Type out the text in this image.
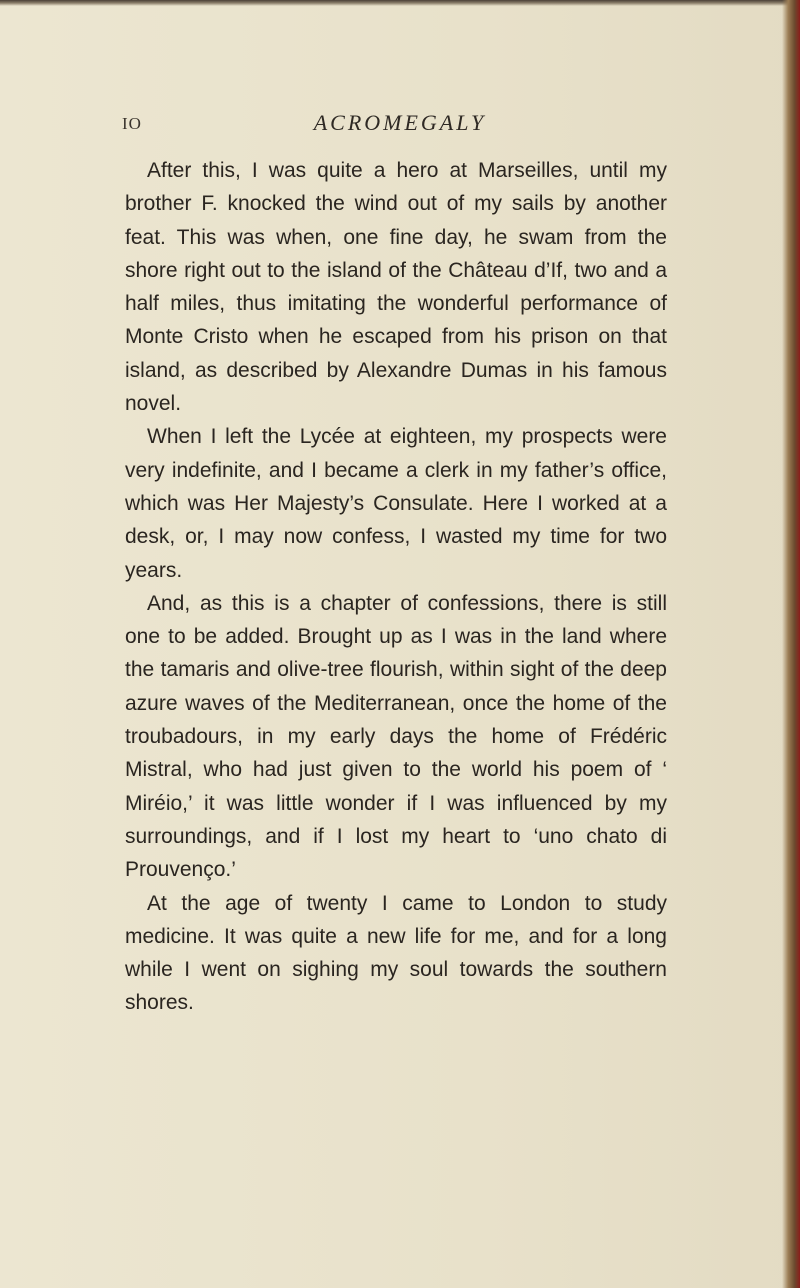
IO	ACROMEGALY

After this, I was quite a hero at Marseilles, until my brother F. knocked the wind out of my sails by another feat. This was when, one fine day, he swam from the shore right out to the island of the Château d’If, two and a half miles, thus imitating the wonderful performance of Monte Cristo when he escaped from his prison on that island, as described by Alexandre Dumas in his famous novel.

When I left the Lycée at eighteen, my prospects were very indefinite, and I became a clerk in my father’s office, which was Her Majesty’s Consulate. Here I worked at a desk, or, I may now confess, I wasted my time for two years.

And, as this is a chapter of confessions, there is still one to be added. Brought up as I was in the land where the tamaris and olive-tree flourish, within sight of the deep azure waves of the Mediterranean, once the home of the troubadours, in my early days the home of Frédéric Mistral, who had just given to the world his poem of ‘ Miréio,’ it was little wonder if I was influenced by my surroundings, and if I lost my heart to ‘uno chato di Prouvenço.’

At the age of twenty I came to London to study medicine. It was quite a new life for me, and for a long while I went on sighing my soul towards the southern shores.
